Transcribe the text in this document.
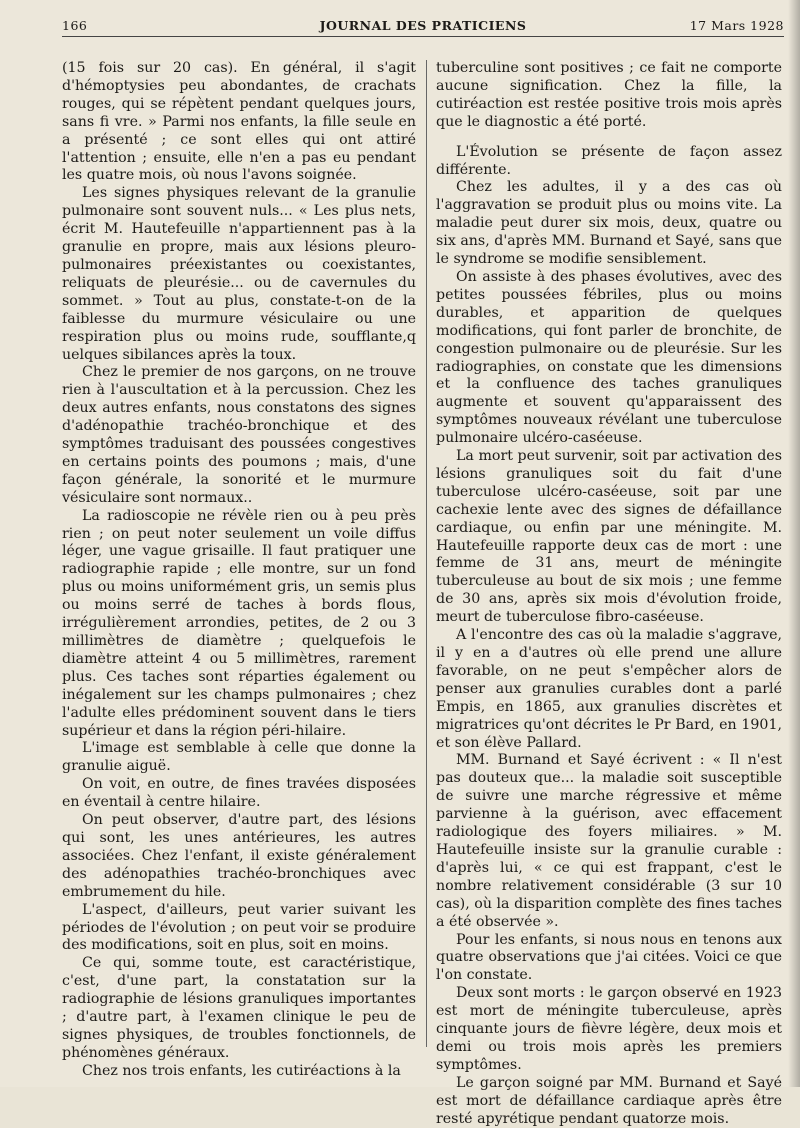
166	JOURNAL DES PRATICIENS	17 Mars 1928

(15 fois sur 20 cas). En général, il s'agit d'hémoptysies peu abondantes, de crachats rouges, qui se répètent pendant quelques jours, sans fi vre. » Parmi nos enfants, la fille seule en a présenté ; ce sont elles qui ont attiré l'attention ; ensuite, elle n'en a pas eu pendant les quatre mois, où nous l'avons soignée.

Les signes physiques relevant de la granulie pulmonaire sont souvent nuls... « Les plus nets, écrit M. Hautefeuille n'appartiennent pas à la granulie en propre, mais aux lésions pleuro-pulmonaires préexistantes ou coexistantes, reliquats de pleurésie... ou de cavernules du sommet. » Tout au plus, constate-t-on de la faiblesse du murmure vésiculaire ou une respiration plus ou moins rude, soufflante,q uelques sibilances après la toux.

Chez le premier de nos garçons, on ne trouve rien à l'auscultation et à la percussion. Chez les deux autres enfants, nous constatons des signes d'adénopathie trachéo-bronchique et des symptômes traduisant des poussées congestives en certains points des poumons ; mais, d'une façon générale, la sonorité et le murmure vésiculaire sont normaux..

La radioscopie ne révèle rien ou à peu près rien ; on peut noter seulement un voile diffus léger, une vague grisaille. Il faut pratiquer une radiographie rapide ; elle montre, sur un fond plus ou moins uniformément gris, un semis plus ou moins serré de taches à bords flous, irrégulièrement arrondies, petites, de 2 ou 3 millimètres de diamètre ; quelquefois le diamètre atteint 4 ou 5 millimètres, rarement plus. Ces taches sont réparties également ou inégalement sur les champs pulmonaires ; chez l'adulte elles prédominent souvent dans le tiers supérieur et dans la région péri-hilaire.

L'image est semblable à celle que donne la granulie aiguë.

On voit, en outre, de fines travées disposées en éventail à centre hilaire.

On peut observer, d'autre part, des lésions qui sont, les unes antérieures, les autres associées. Chez l'enfant, il existe généralement des adénopathies trachéo-bronchiques avec embrumement du hile.

L'aspect, d'ailleurs, peut varier suivant les périodes de l'évolution ; on peut voir se produire des modifications, soit en plus, soit en moins.

Ce qui, somme toute, est caractéristique, c'est, d'une part, la constatation sur la radiographie de lésions granuliques importantes ; d'autre part, à l'examen clinique le peu de signes physiques, de troubles fonctionnels, de phénomènes généraux.

Chez nos trois enfants, les cutiréactions à la

tuberculine sont positives ; ce fait ne comporte aucune signification. Chez la fille, la cutiréaction est restée positive trois mois après que le diagnostic a été porté.

L'Évolution se présente de façon assez différente.

Chez les adultes, il y a des cas où l'aggravation se produit plus ou moins vite. La maladie peut durer six mois, deux, quatre ou six ans, d'après MM. Burnand et Sayé, sans que le syndrome se modifie sensiblement.

On assiste à des phases évolutives, avec des petites poussées fébriles, plus ou moins durables, et apparition de quelques modifications, qui font parler de bronchite, de congestion pulmonaire ou de pleurésie. Sur les radiographies, on constate que les dimensions et la confluence des taches granuliques augmente et souvent qu'apparaissent des symptômes nouveaux révélant une tuberculose pulmonaire ulcéro-caséeuse.

La mort peut survenir, soit par activation des lésions granuliques soit du fait d'une tuberculose ulcéro-caséeuse, soit par une cachexie lente avec des signes de défaillance cardiaque, ou enfin par une méningite. M. Hautefeuille rapporte deux cas de mort : une femme de 31 ans, meurt de méningite tuberculeuse au bout de six mois ; une femme de 30 ans, après six mois d'évolution froide, meurt de tuberculose fibro-caséeuse.

A l'encontre des cas où la maladie s'aggrave, il y en a d'autres où elle prend une allure favorable, on ne peut s'empêcher alors de penser aux granulies curables dont a parlé Empis, en 1865, aux granulies discrètes et migratrices qu'ont décrites le Pr Bard, en 1901, et son élève Pallard.

MM. Burnand et Sayé écrivent : « Il n'est pas douteux que... la maladie soit susceptible de suivre une marche régressive et même parvienne à la guérison, avec effacement radiologique des foyers miliaires. » M. Hautefeuille insiste sur la granulie curable : d'après lui, « ce qui est frappant, c'est le nombre relativement considérable (3 sur 10 cas), où la disparition complète des fines taches a été observée ».

Pour les enfants, si nous nous en tenons aux quatre observations que j'ai citées. Voici ce que l'on constate.

Deux sont morts : le garçon observé en 1923 est mort de méningite tuberculeuse, après cinquante jours de fièvre légère, deux mois et demi ou trois mois après les premiers symptômes.

Le garçon soigné par MM. Burnand et Sayé est mort de défaillance cardiaque après être resté apyrétique pendant quatorze mois.
